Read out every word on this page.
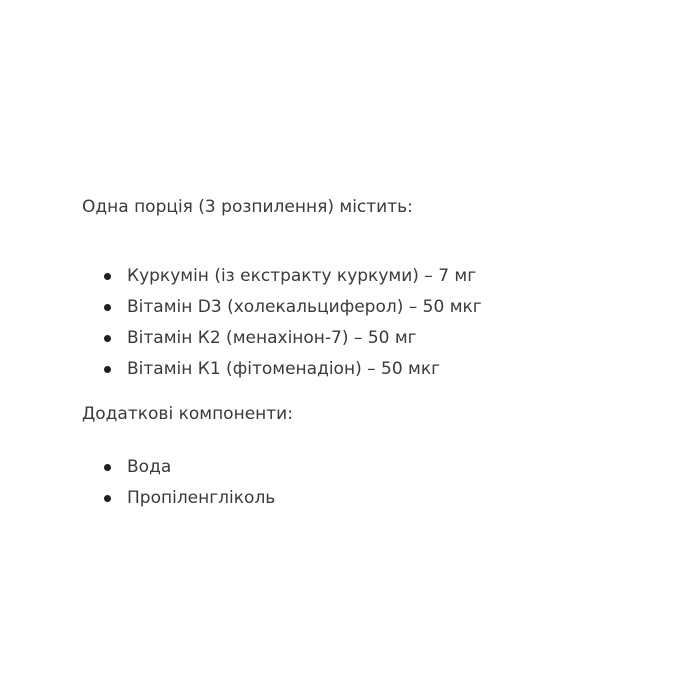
Одна порція (3 розпилення) містить:

Куркумін (із екстракту куркуми) – 7 мг
Вітамін D3 (холекальциферол) – 50 мкг
Вітамін К2 (менахінон-7) – 50 мг
Вітамін К1 (фітоменадіон) – 50 мкг

Додаткові компоненти:

Вода
Пропіленгліколь
